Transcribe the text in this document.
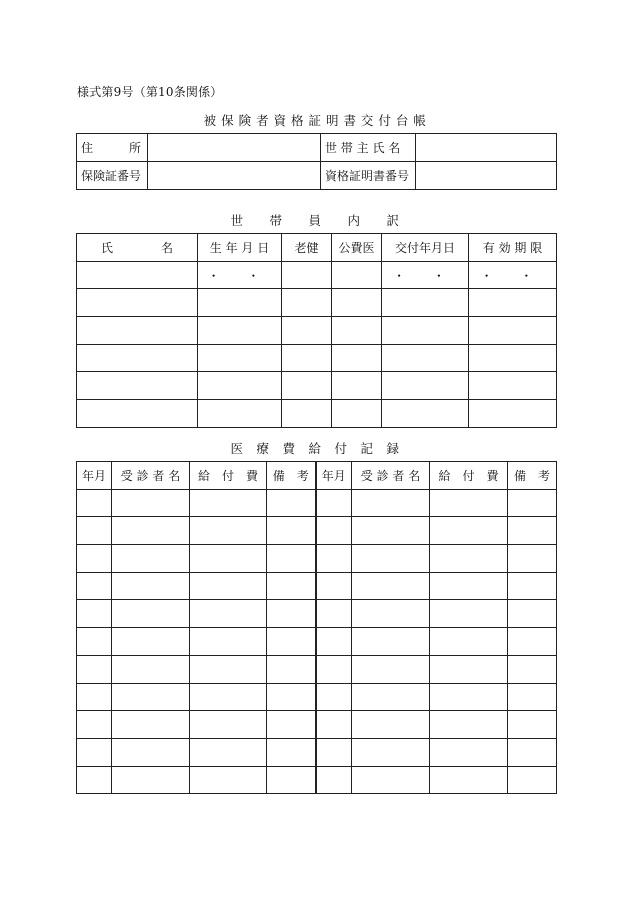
様式第9号（第10条関係）
被 保 険 者 資 格 証 明 書 交 付 台 帳
住　　　所		世 帯 主 氏 名	
保険証番号		資格証明書番号	
世　　帯　　員　　内　　訳
氏　　　　名	生 年 月 日	老健	公費医	交付年月日	有 効 期 限
	・ ・			・ ・	・ ・

医　療　費　給　付　記　録
年月	受 診 者 名	給　付　費	備　考	年月	受 診 者 名	給　付　費	備　考
